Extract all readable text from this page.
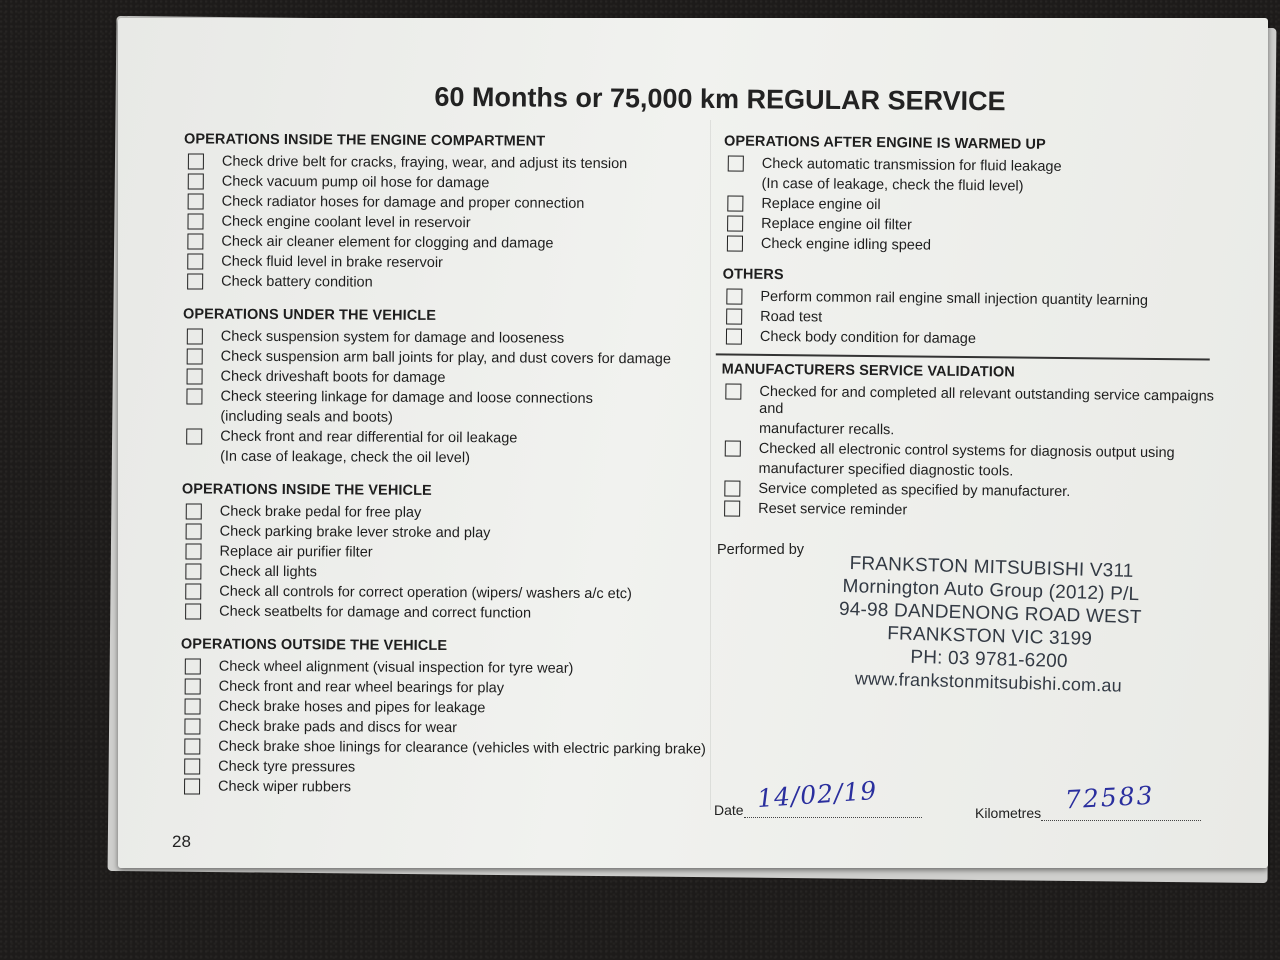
60 Months or 75,000 km REGULAR SERVICE
OPERATIONS INSIDE THE ENGINE COMPARTMENT
Check drive belt for cracks, fraying, wear, and adjust its tension
Check vacuum pump oil hose for damage
Check radiator hoses for damage and proper connection
Check engine coolant level in reservoir
Check air cleaner element for clogging and damage
Check fluid level in brake reservoir
Check battery condition
OPERATIONS UNDER THE VEHICLE
Check suspension system for damage and looseness
Check suspension arm ball joints for play, and dust covers for damage
Check driveshaft boots for damage
Check steering linkage for damage and loose connections
(including seals and boots)
Check front and rear differential for oil leakage
(In case of leakage, check the oil level)
OPERATIONS INSIDE THE VEHICLE
Check brake pedal for free play
Check parking brake lever stroke and play
Replace air purifier filter
Check all lights
Check all controls for correct operation (wipers/ washers a/c etc)
Check seatbelts for damage and correct function
OPERATIONS OUTSIDE THE VEHICLE
Check wheel alignment (visual inspection for tyre wear)
Check front and rear wheel bearings for play
Check brake hoses and pipes for leakage
Check brake pads and discs for wear
Check brake shoe linings for clearance (vehicles with electric parking brake)
Check tyre pressures
Check wiper rubbers
OPERATIONS AFTER ENGINE IS WARMED UP
Check automatic transmission for fluid leakage
(In case of leakage, check the fluid level)
Replace engine oil
Replace engine oil filter
Check engine idling speed
OTHERS
Perform common rail engine small injection quantity learning
Road test
Check body condition for damage
MANUFACTURERS SERVICE VALIDATION
Checked for and completed all relevant outstanding service campaigns and
manufacturer recalls.
Checked all electronic control systems for diagnosis output using
manufacturer specified diagnostic tools.
Service completed as specified by manufacturer.
Reset service reminder
Performed by
FRANKSTON MITSUBISHI V311
Mornington Auto Group (2012) P/L
94-98 DANDENONG ROAD WEST
FRANKSTON VIC 3199
PH: 03 9781-6200
www.frankstonmitsubishi.com.au
Date 14/02/19	Kilometres 72583
28
